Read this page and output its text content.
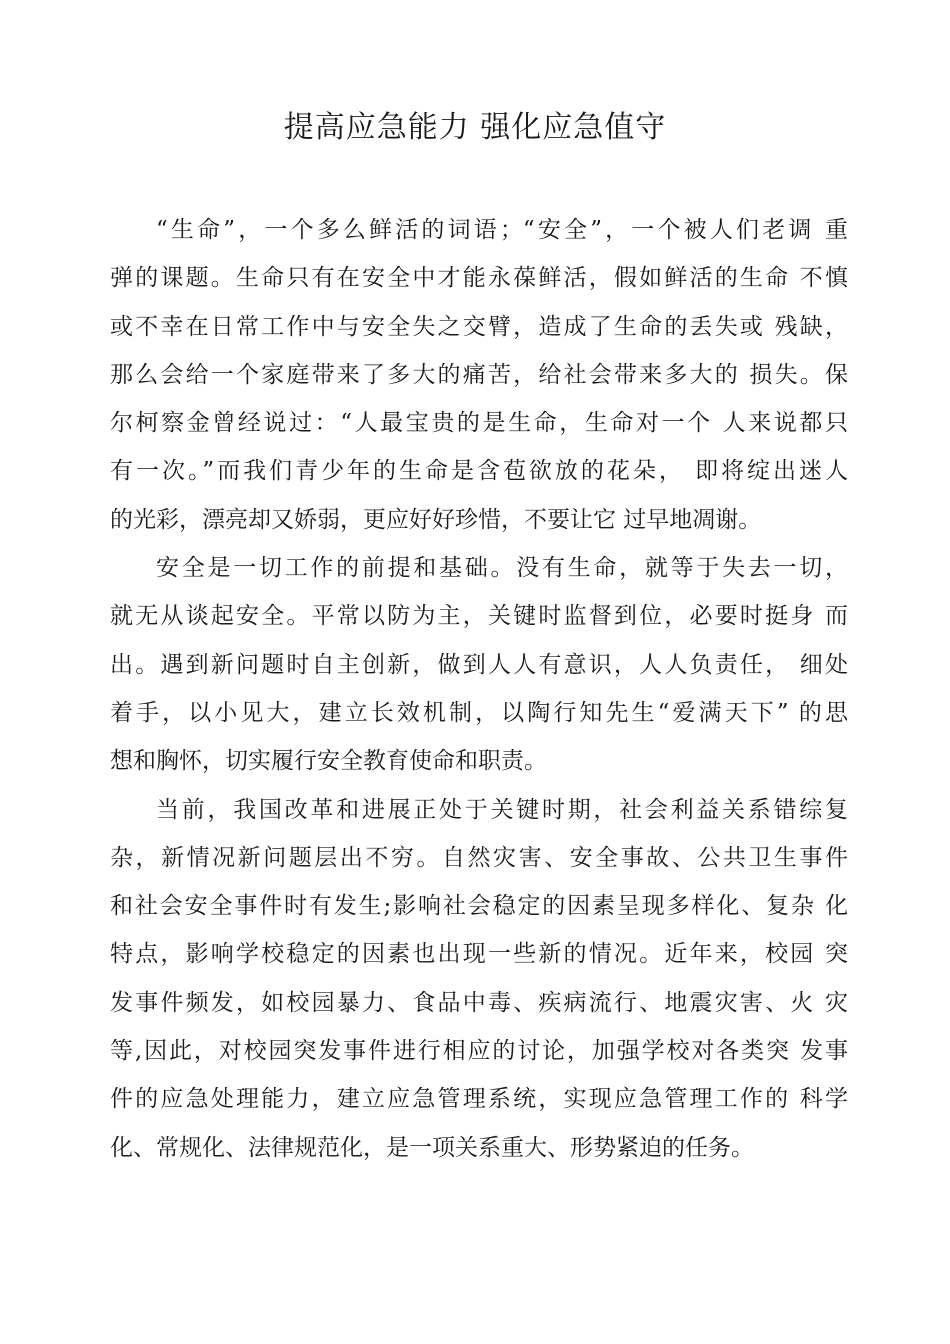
提高应急能力 强化应急值守
“生命”，一个多么鲜活的词语；“安全”，一个被人们老调 重
弹的课题。生命只有在安全中才能永葆鲜活，假如鲜活的生命 不慎
或不幸在日常工作中与安全失之交臂，造成了生命的丢失或 残缺，
那么会给一个家庭带来了多大的痛苦，给社会带来多大的 损失。保
尔柯察金曾经说过：“人最宝贵的是生命，生命对一个 人来说都只
有一次。”而我们青少年的生命是含苞欲放的花朵， 即将绽出迷人
的光彩，漂亮却又娇弱，更应好好珍惜，不要让它 过早地凋谢。
安全是一切工作的前提和基础。没有生命，就等于失去一切，
就无从谈起安全。平常以防为主，关键时监督到位，必要时挺身 而
出。遇到新问题时自主创新，做到人人有意识，人人负责任， 细处
着手，以小见大，建立长效机制，以陶行知先生“爱满天下” 的思
想和胸怀，切实履行安全教育使命和职责。
当前，我国改革和进展正处于关键时期，社会利益关系错综复
杂，新情况新问题层出不穷。自然灾害、安全事故、公共卫生事件
和社会安全事件时有发生;影响社会稳定的因素呈现多样化、复杂 化
特点，影响学校稳定的因素也出现一些新的情况。近年来，校园 突
发事件频发，如校园暴力、食品中毒、疾病流行、地震灾害、火 灾
等,因此，对校园突发事件进行相应的讨论，加强学校对各类突 发事
件的应急处理能力，建立应急管理系统，实现应急管理工作的 科学
化、常规化、法律规范化，是一项关系重大、形势紧迫的任务。
